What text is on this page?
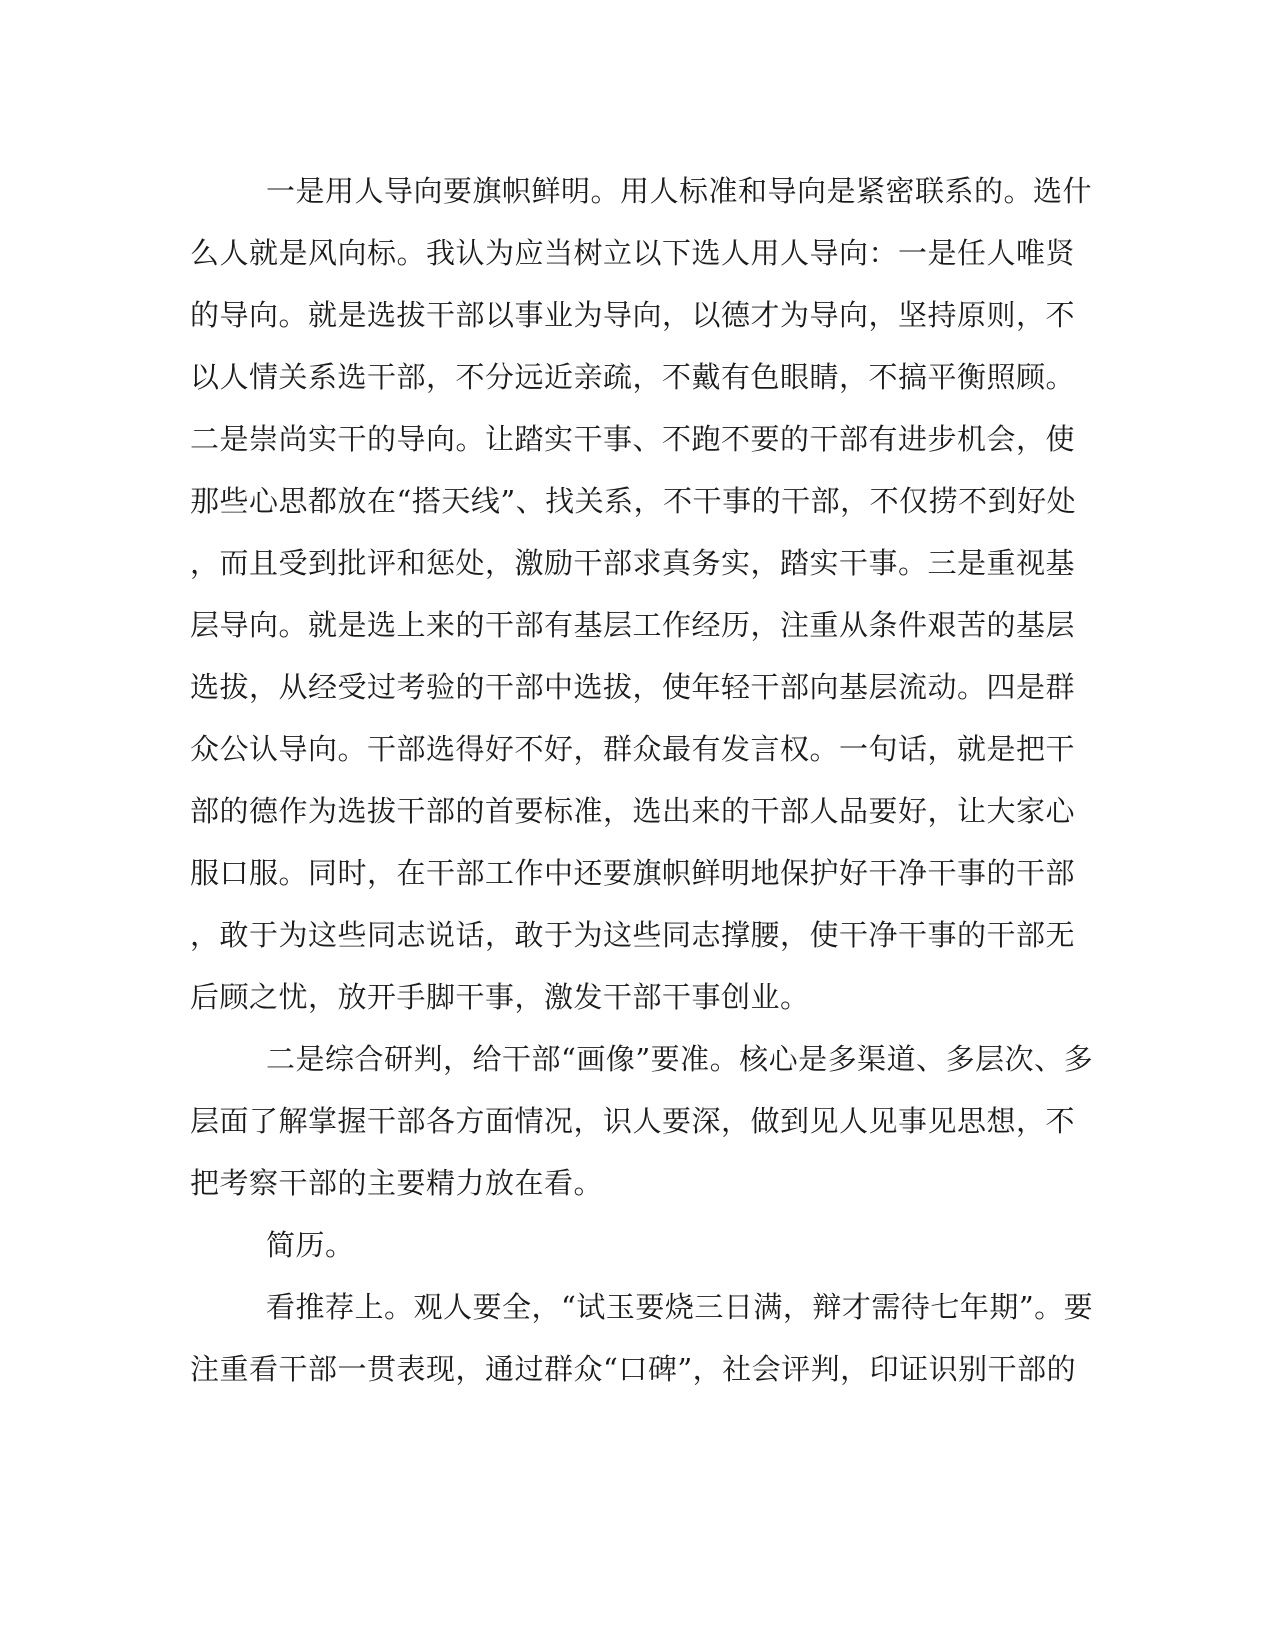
一是用人导向要旗帜鲜明。用人标准和导向是紧密联系的。选什
么人就是风向标。我认为应当树立以下选人用人导向：一是任人唯贤
的导向。就是选拔干部以事业为导向，以德才为导向，坚持原则，不
以人情关系选干部，不分远近亲疏，不戴有色眼睛，不搞平衡照顾。
二是崇尚实干的导向。让踏实干事、不跑不要的干部有进步机会，使
那些心思都放在“搭天线”、找关系，不干事的干部，不仅捞不到好处
，而且受到批评和惩处，激励干部求真务实，踏实干事。三是重视基
层导向。就是选上来的干部有基层工作经历，注重从条件艰苦的基层
选拔，从经受过考验的干部中选拔，使年轻干部向基层流动。四是群
众公认导向。干部选得好不好，群众最有发言权。一句话，就是把干
部的德作为选拔干部的首要标准，选出来的干部人品要好，让大家心
服口服。同时，在干部工作中还要旗帜鲜明地保护好干净干事的干部
，敢于为这些同志说话，敢于为这些同志撑腰，使干净干事的干部无
后顾之忧，放开手脚干事，激发干部干事创业。
二是综合研判，给干部“画像”要准。核心是多渠道、多层次、多
层面了解掌握干部各方面情况，识人要深，做到见人见事见思想，不
把考察干部的主要精力放在看。
简历。
看推荐上。观人要全，“试玉要烧三日满，辩才需待七年期”。要
注重看干部一贯表现，通过群众“口碑”，社会评判，印证识别干部的
